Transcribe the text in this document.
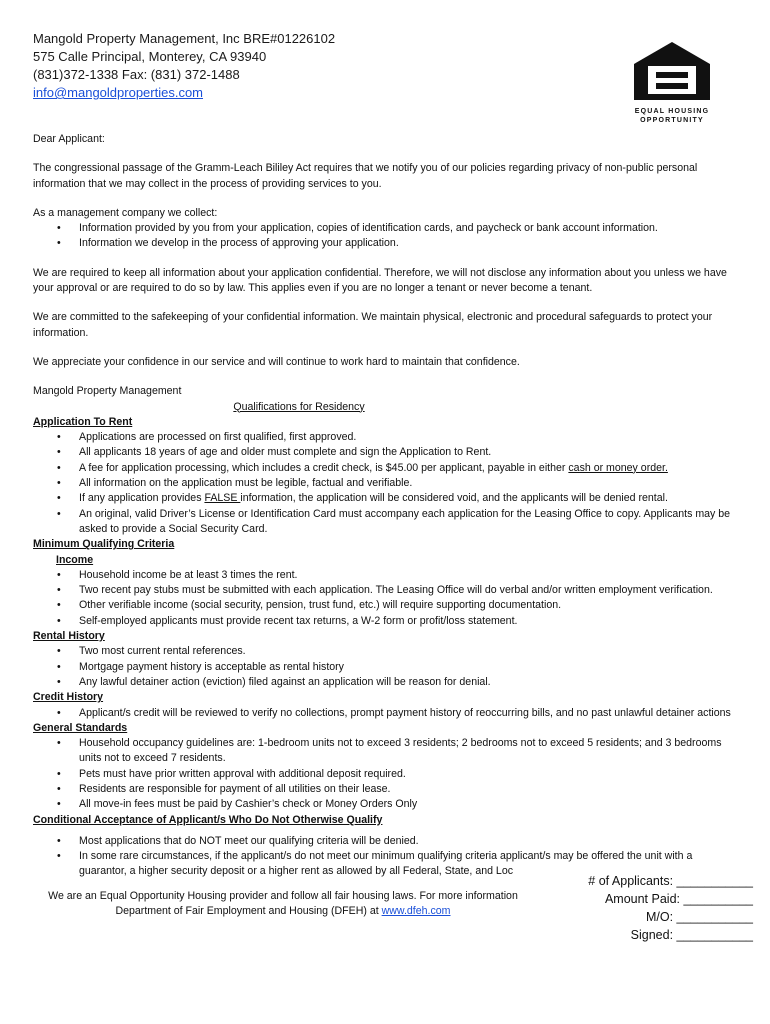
Mangold Property Management, Inc BRE#01226102
575 Calle Principal, Monterey, CA 93940
(831)372-1338 Fax: (831) 372-1488
info@mangoldproperties.com
EQUAL HOUSING
OPPORTUNITY

Dear Applicant:

The congressional passage of the Gramm-Leach Bililey Act requires that we notify you of our policies regarding privacy of non-public personal information that we may collect in the process of providing services to you.

As a management company we collect:
• Information provided by you from your application, copies of identification cards, and paycheck or bank account information.
• Information we develop in the process of approving your application.

We are required to keep all information about your application confidential. Therefore, we will not disclose any information about you unless we have your approval or are required to do so by law. This applies even if you are no longer a tenant or never become a tenant.

We are committed to the safekeeping of your confidential information. We maintain physical, electronic and procedural safeguards to protect your information.

We appreciate your confidence in our service and will continue to work hard to maintain that confidence.

Mangold Property Management
Qualifications for Residency
Application To Rent
• Applications are processed on first qualified, first approved.
• All applicants 18 years of age and older must complete and sign the Application to Rent.
• A fee for application processing, which includes a credit check, is $45.00 per applicant, payable in either cash or money order.
• All information on the application must be legible, factual and verifiable.
• If any application provides FALSE information, the application will be considered void, and the applicants will be denied rental.
• An original, valid Driver’s License or Identification Card must accompany each application for the Leasing Office to copy. Applicants may be asked to provide a Social Security Card.
Minimum Qualifying Criteria
Income
• Household income be at least 3 times the rent.
• Two recent pay stubs must be submitted with each application. The Leasing Office will do verbal and/or written employment verification.
• Other verifiable income (social security, pension, trust fund, etc.) will require supporting documentation.
• Self-employed applicants must provide recent tax returns, a W-2 form or profit/loss statement.
Rental History
• Two most current rental references.
• Mortgage payment history is acceptable as rental history
• Any lawful detainer action (eviction) filed against an application will be reason for denial.
Credit History
• Applicant/s credit will be reviewed to verify no collections, prompt payment history of reoccurring bills, and no past unlawful detainer actions
General Standards
• Household occupancy guidelines are: 1-bedroom units not to exceed 3 residents; 2 bedrooms not to exceed 5 residents; and 3 bedrooms units not to exceed 7 residents.
• Pets must have prior written approval with additional deposit required.
• Residents are responsible for payment of all utilities on their lease.
• All move-in fees must be paid by Cashier’s check or Money Orders Only
Conditional Acceptance of Applicant/s Who Do Not Otherwise Qualify
• Most applications that do NOT meet our qualifying criteria will be denied.
• In some rare circumstances, if the applicant/s do not meet our minimum qualifying criteria applicant/s may be offered the unit with a
guarantor, a higher security deposit or a higher rent as allowed by all Federal, State, and Loc
We are an Equal Opportunity Housing provider and follow all fair housing laws. For more information
Department of Fair Employment and Housing (DFEH) at www.dfeh.com
# of Applicants: ___________
Amount Paid: __________
M/O: ___________
Signed: ___________
